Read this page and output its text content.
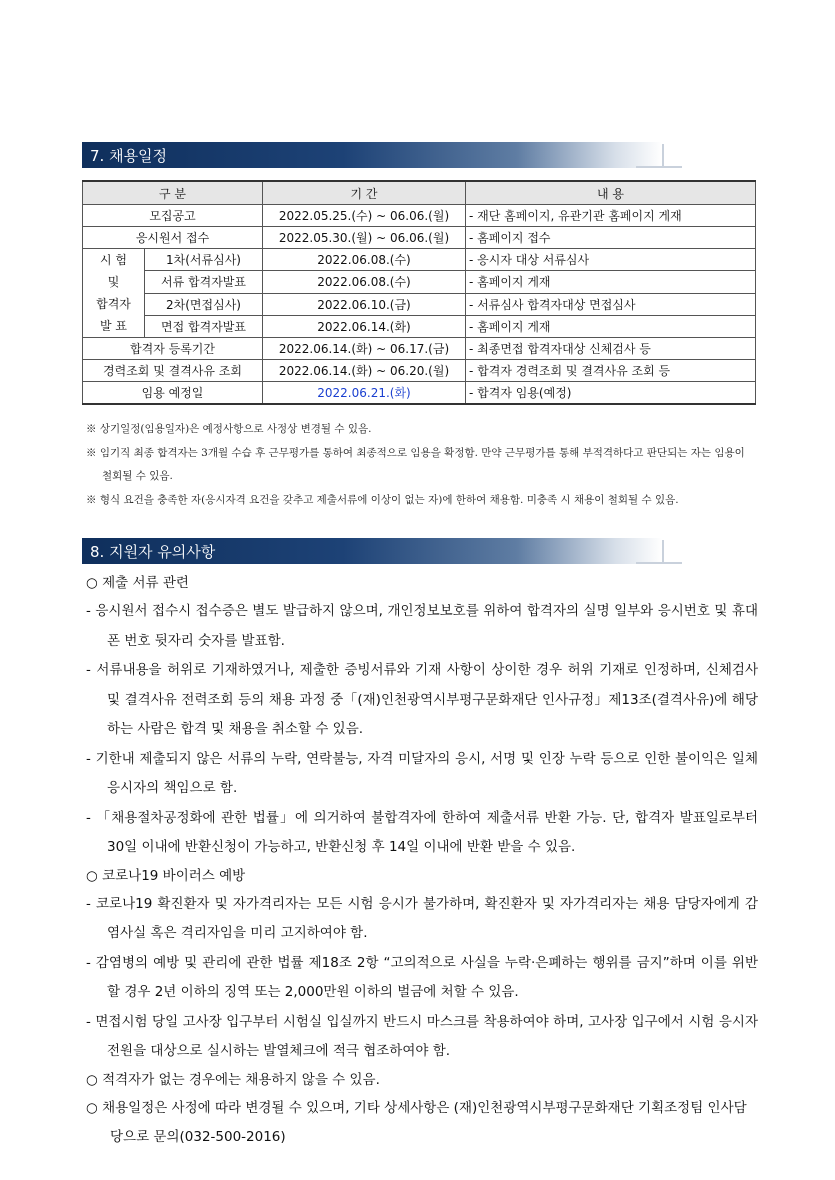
7. 채용일정
구 분		기 간	내 용
모집공고		2022.05.25.(수) ~ 06.06.(월)	- 재단 홈페이지, 유관기관 홈페이지 게재
응시원서 접수		2022.05.30.(월) ~ 06.06.(월)	- 홈페이지 접수

시 험
및
합격자
발 표	1차(서류심사)	2022.06.08.(수)	- 응시자 대상 서류심사
	서류 합격자발표	2022.06.08.(수)	- 홈페이지 게재
	2차(면접심사)	2022.06.10.(금)	- 서류심사 합격자대상 면접심사
	면접 합격자발표	2022.06.14.(화)	- 홈페이지 게재
합격자 등록기간		2022.06.14.(화) ~ 06.17.(금)	- 최종면접 합격자대상 신체검사 등
경력조회 및 결격사유 조회		2022.06.14.(화) ~ 06.20.(월)	- 합격자 경력조회 및 결격사유 조회 등
임용 예정일		2022.06.21.(화)	- 합격자 임용(예정)
※ 상기일정(임용일자)은 예정사항으로 사정상 변경될 수 있음.
※ 임기직 최종 합격자는 3개월 수습 후 근무평가를 통하여 최종적으로 임용을 확정함. 만약 근무평가를 통해 부적격하다고 판단되는 자는 임용이 철회될 수 있음.
※ 형식 요건을 충족한 자(응시자격 요건을 갖추고 제출서류에 이상이 없는 자)에 한하여 채용함. 미충족 시 채용이 철회될 수 있음.
8. 지원자 유의사항
○ 제출 서류 관련
- 응시원서 접수시 접수증은 별도 발급하지 않으며, 개인정보보호를 위하여 합격자의 실명 일부와 응시번호 및 휴대폰 번호 뒷자리 숫자를 발표함.
- 서류내용을 허위로 기재하였거나, 제출한 증빙서류와 기재 사항이 상이한 경우 허위 기재로 인정하며, 신체검사 및 결격사유 전력조회 등의 채용 과정 중「(재)인천광역시부평구문화재단 인사규정」제13조(결격사유)에 해당하는 사람은 합격 및 채용을 취소할 수 있음.
- 기한내 제출되지 않은 서류의 누락, 연락불능, 자격 미달자의 응시, 서명 및 인장 누락 등으로 인한 불이익은 일체 응시자의 책임으로 함.
- 「채용절차공정화에 관한 법률」에 의거하여 불합격자에 한하여 제출서류 반환 가능. 단, 합격자 발표일로부터 30일 이내에 반환신청이 가능하고, 반환신청 후 14일 이내에 반환 받을 수 있음.
○ 코로나19 바이러스 예방
- 코로나19 확진환자 및 자가격리자는 모든 시험 응시가 불가하며, 확진환자 및 자가격리자는 채용 담당자에게 감염사실 혹은 격리자임을 미리 고지하여야 함.
- 감염병의 예방 및 관리에 관한 법률 제18조 2항 “고의적으로 사실을 누락·은폐하는 행위를 금지”하며 이를 위반할 경우 2년 이하의 징역 또는 2,000만원 이하의 벌금에 처할 수 있음.
- 면접시험 당일 고사장 입구부터 시험실 입실까지 반드시 마스크를 착용하여야 하며, 고사장 입구에서 시험 응시자 전원을 대상으로 실시하는 발열체크에 적극 협조하여야 함.
○ 적격자가 없는 경우에는 채용하지 않을 수 있음.
○ 채용일정은 사정에 따라 변경될 수 있으며, 기타 상세사항은 (재)인천광역시부평구문화재단 기획조정팀 인사담당으로 문의(032-500-2016)
